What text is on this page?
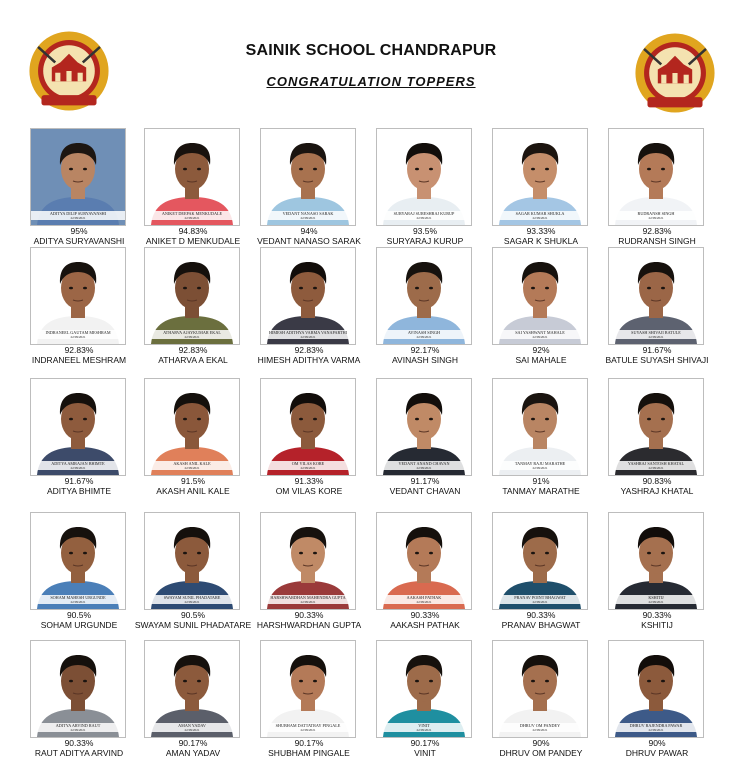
SAINIK SCHOOL CHANDRAPUR
CONGRATULATION TOPPERS
ADITYA DILIP SURYAVANSHI
22/09/2021
95%
ADITYA SURYAVANSHI
ANIKET DEEPAK MENKUDALE
22/09/2021
94.83%
ANIKET D MENKUDALE
VEDANT NANASO SARAK
22/09/2021
94%
VEDANT NANASO SARAK
SURYARAJ SURESHRAJ KURUP
22/09/2021
93.5%
SURYARAJ KURUP
SAGAR KUMAR SHUKLA
22/09/2021
93.33%
SAGAR K SHUKLA
RUDRANSH SINGH
22/09/2021
92.83%
RUDRANSH SINGH
INDRANEEL GAUTAM MESHRAM
22/09/2021
92.83%
INDRANEEL MESHRAM
ATHARVA AJAYKUMAR EKAL
22/09/2021
92.83%
ATHARVA A EKAL
HIMESH ADITHYA VARMA VANAPARTHI
22/09/2021
92.83%
HIMESH ADITHYA VARMA
AVINASH SINGH
22/09/2021
92.17%
AVINASH SINGH
SAI YASHWANT MAHALE
22/09/2021
92%
SAI MAHALE
SUYASH SHIVAJI BATULE
22/09/2021
91.67%
BATULE SUYASH SHIVAJI
ADITYA AMRAJAN BHIMTE
22/09/2021
91.67%
ADITYA BHIMTE
AKASH ANIL KALE
22/09/2021
91.5%
AKASH ANIL KALE
OM VILAS KORE
22/09/2021
91.33%
OM VILAS KORE
VEDANT ANAND CHAVAN
22/09/2021
91.17%
VEDANT CHAVAN
TANMAY RAJU MARATHE
22/09/2021
91%
TANMAY MARATHE
YASHRAJ SANTOSH KHATAL
22/09/2021
90.83%
YASHRAJ KHATAL
SOHAM MAHESH URGUNDE
22/09/2021
90.5%
SOHAM URGUNDE
SWAYAM SUNIL PHADATARE
22/09/2021
90.5%
SWAYAM SUNIL PHADATARE
HARSHWARDHAN MAHENDRA GUPTA
22/09/2021
90.33%
HARSHWARDHAN GUPTA
AAKASH PATHAK
22/09/2021
90.33%
AAKASH PATHAK
PRANAV POINT BHAGWAT
22/09/2021
90.33%
PRANAV BHAGWAT
KSHITIJ
22/09/2021
90.33%
KSHITIJ
ADITYA ARVIND RAUT
22/09/2021
90.33%
RAUT ADITYA ARVIND
AMAN YADAV
22/09/2021
90.17%
AMAN YADAV
SHUBHAM DATTATRAY PINGALE
22/09/2021
90.17%
SHUBHAM PINGALE
VINIT
22/09/2021
90.17%
VINIT
DHRUV OM PANDEY
22/09/2021
90%
DHRUV OM PANDEY
DHRUV RAJENDRA PAWAR
22/09/2021
90%
DHRUV PAWAR
